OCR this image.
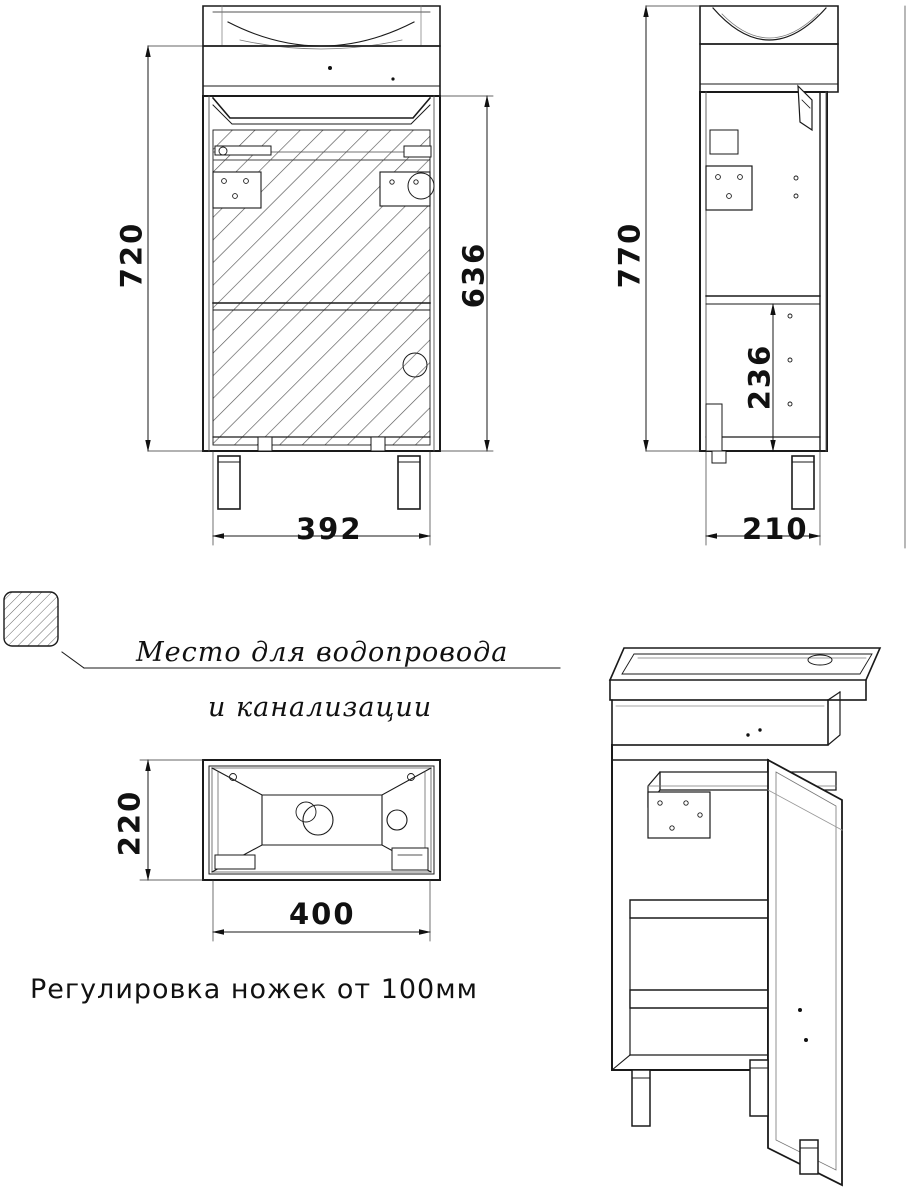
720	636
392
770
236
210
220
400
Место для водопровода
и канализации
Регулировка ножек от 100мм
